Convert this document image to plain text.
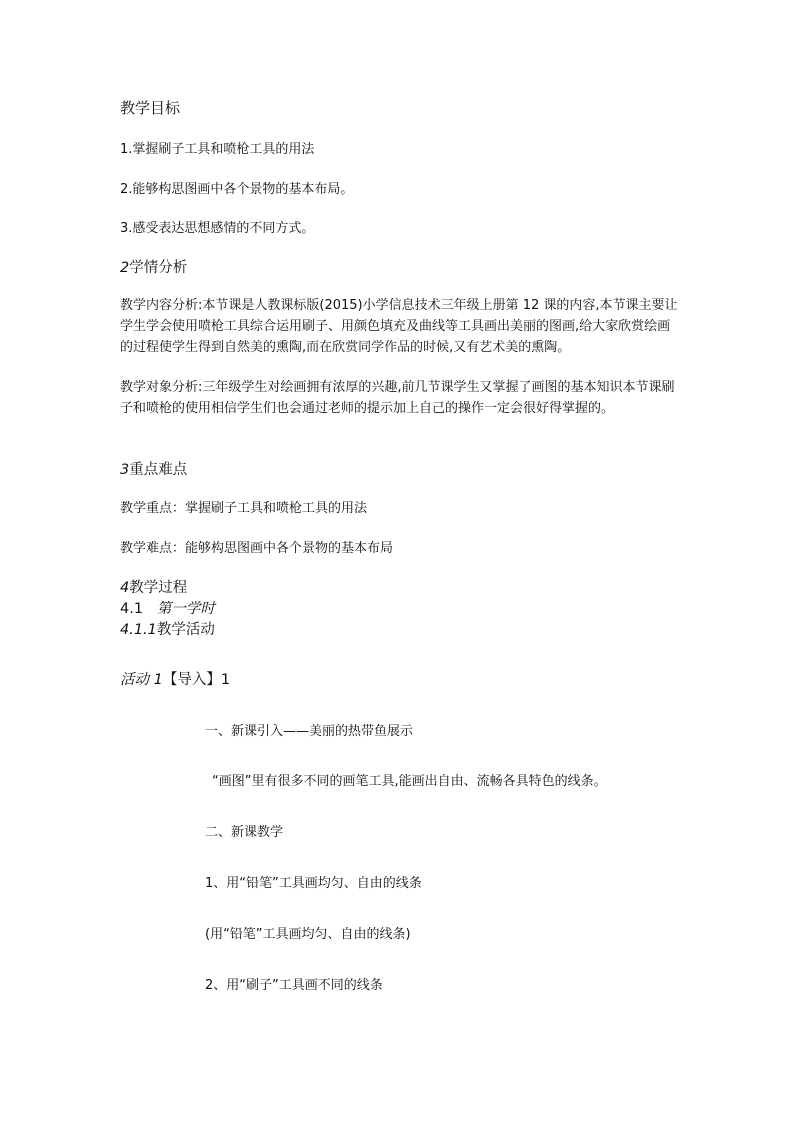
教学目标

1.掌握刷子工具和喷枪工具的用法

2.能够构思图画中各个景物的基本布局。

3.感受表达思想感情的不同方式。

2学情分析

教学内容分析:本节课是人教课标版(2015)小学信息技术三年级上册第 12 课的内容,本节课主要让学生学会使用喷枪工具综合运用刷子、用颜色填充及曲线等工具画出美丽的图画,给大家欣赏绘画的过程使学生得到自然美的熏陶,而在欣赏同学作品的时候,又有艺术美的熏陶。

教学对象分析:三年级学生对绘画拥有浓厚的兴趣,前几节课学生又掌握了画图的基本知识本节课刷子和喷枪的使用相信学生们也会通过老师的提示加上自己的操作一定会很好得掌握的。

3重点难点

教学重点：掌握刷子工具和喷枪工具的用法

教学难点：能够构思图画中各个景物的基本布局

4教学过程

4.1 第一学时

4.1.1教学活动

活动 1【导入】1

一、新课引入——美丽的热带鱼展示

“画图”里有很多不同的画笔工具,能画出自由、流畅各具特色的线条。

二、新课教学

1、用“铅笔”工具画均匀、自由的线条

(用“铅笔”工具画均匀、自由的线条)

2、用“刷子”工具画不同的线条
